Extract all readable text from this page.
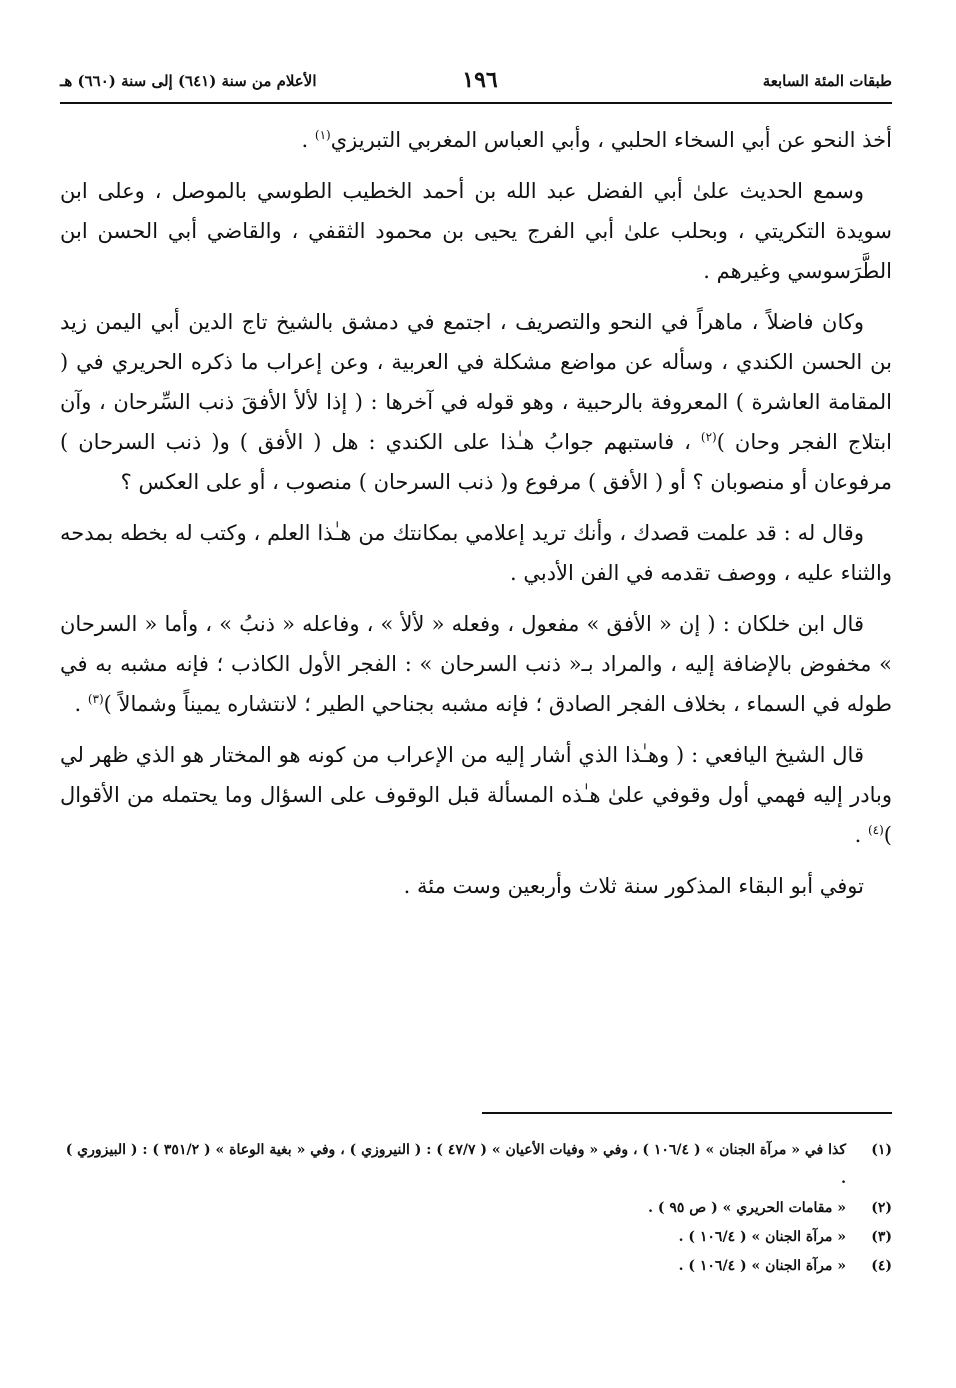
طبقات المئة السابعة
١٩٦
الأعلام من سنة (٦٤١) إلى سنة (٦٦٠) هـ

أخذ النحو عن أبي السخاء الحلبي ، وأبي العباس المغربي التبريزي$^{(١)}$ .

وسمع الحديث علىٰ أبي الفضل عبد الله بن أحمد الخطيب الطوسي بالموصل ، وعلى ابن سويدة التكريتي ، وبحلب علىٰ أبي الفرج يحيى بن محمود الثقفي ، والقاضي أبي الحسن ابن الطَّرَسوسي وغيرهم .

وكان فاضلاً ، ماهراً في النحو والتصريف ، اجتمع في دمشق بالشيخ تاج الدين أبي اليمن زيد بن الحسن الكندي ، وسأله عن مواضع مشكلة في العربية ، وعن إعراب ما ذكره الحريري في ( المقامة العاشرة ) المعروفة بالرحبية ، وهو قوله في آخرها : ( إذا لألأ الأفقَ ذنب السِّرحان ، وآن ابتلاج الفجر وحان )$^{(٢)}$ ، فاستبهم جوابُ هـٰذا على الكندي : هل ( الأفق ) و( ذنب السرحان ) مرفوعان أو منصوبان ؟ أو ( الأفق ) مرفوع و( ذنب السرحان ) منصوب ، أو على العكس ؟

وقال له : قد علمت قصدك ، وأنك تريد إعلامي بمكانتك من هـٰذا العلم ، وكتب له بخطه بمدحه والثناء عليه ، ووصف تقدمه في الفن الأدبي .

قال ابن خلكان : ( إن « الأفق » مفعول ، وفعله « لألأ » ، وفاعله « ذنبُ » ، وأما « السرحان » مخفوض بالإضافة إليه ، والمراد بـ« ذنب السرحان » : الفجر الأول الكاذب ؛ فإنه مشبه به في طوله في السماء ، بخلاف الفجر الصادق ؛ فإنه مشبه بجناحي الطير ؛ لانتشاره يميناً وشمالاً )$^{(٣)}$ .

قال الشيخ اليافعي : ( وهـٰذا الذي أشار إليه من الإعراب من كونه هو المختار هو الذي ظهر لي وبادر إليه فهمي أول وقوفي علىٰ هـٰذه المسألة قبل الوقوف على السؤال وما يحتمله من الأقوال )$^{(٤)}$ .

توفي أبو البقاء المذكور سنة ثلاث وأربعين وست مئة .

(١)
كذا في « مرآة الجنان » ( ١٠٦/٤ ) ، وفي « وفيات الأعيان » ( ٤٧/٧ ) : ( النيروزي ) ، وفي « بغية الوعاة » ( ٣٥١/٢ ) : ( البيزوري ) .
(٢)
« مقامات الحريري » ( ص ٩٥ ) .
(٣)
« مرآة الجنان » ( ١٠٦/٤ ) .
(٤)
« مرآة الجنان » ( ١٠٦/٤ ) .
